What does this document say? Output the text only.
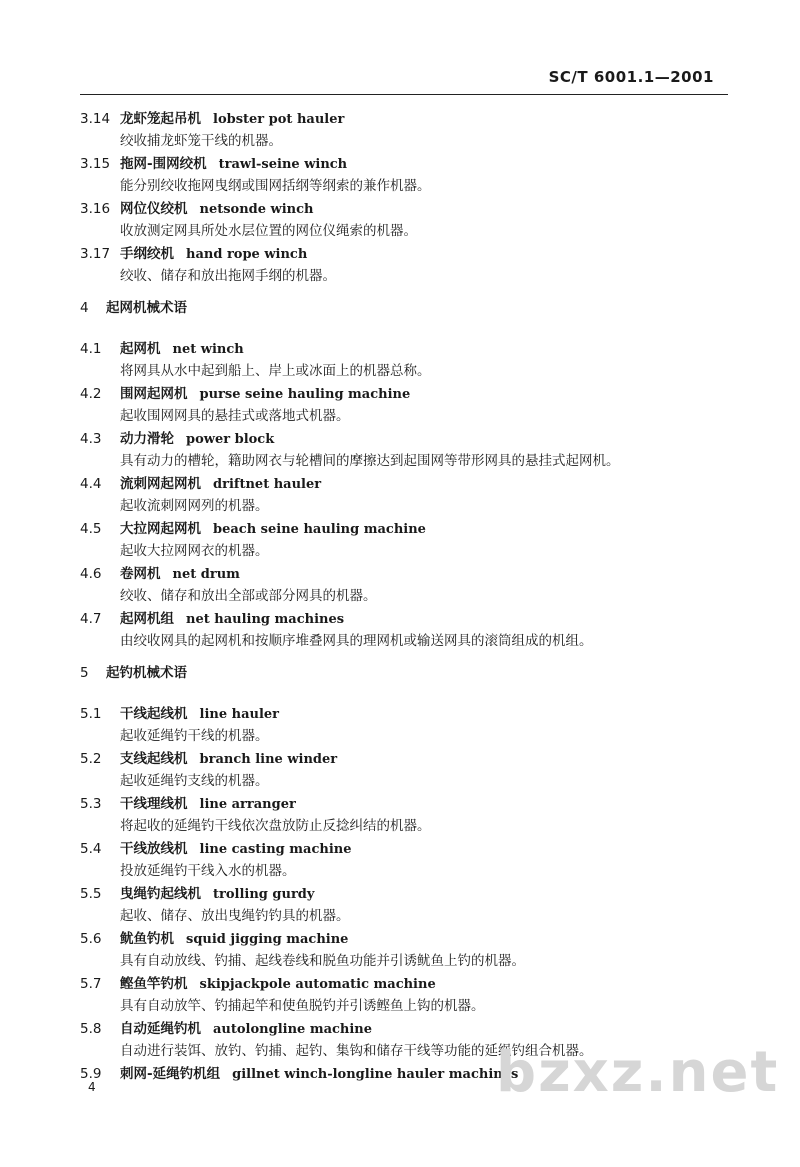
SC/T 6001.1—2001
3.14 龙虾笼起吊机 lobster pot hauler
绞收捕龙虾笼干线的机器。
3.15 拖网-围网绞机 trawl-seine winch
能分别绞收拖网曳纲或围网括纲等纲索的兼作机器。
3.16 网位仪绞机 netsonde winch
收放测定网具所处水层位置的网位仪绳索的机器。
3.17 手纲绞机 hand rope winch
绞收、储存和放出拖网手纲的机器。
4 起网机械术语
4.1 起网机 net winch
将网具从水中起到船上、岸上或冰面上的机器总称。
4.2 围网起网机 purse seine hauling machine
起收围网网具的悬挂式或落地式机器。
4.3 动力滑轮 power block
具有动力的槽轮，籍助网衣与轮槽间的摩擦达到起围网等带形网具的悬挂式起网机。
4.4 流刺网起网机 driftnet hauler
起收流刺网网列的机器。
4.5 大拉网起网机 beach seine hauling machine
起收大拉网网衣的机器。
4.6 卷网机 net drum
绞收、储存和放出全部或部分网具的机器。
4.7 起网机组 net hauling machines
由绞收网具的起网机和按顺序堆叠网具的理网机或输送网具的滚筒组成的机组。
5 起钓机械术语
5.1 干线起线机 line hauler
起收延绳钓干线的机器。
5.2 支线起线机 branch line winder
起收延绳钓支线的机器。
5.3 干线理线机 line arranger
将起收的延绳钓干线依次盘放防止反捻纠结的机器。
5.4 干线放线机 line casting machine
投放延绳钓干线入水的机器。
5.5 曳绳钓起线机 trolling gurdy
起收、储存、放出曳绳钓钓具的机器。
5.6 鱿鱼钓机 squid jigging machine
具有自动放线、钓捕、起线卷线和脱鱼功能并引诱鱿鱼上钓的机器。
5.7 鲣鱼竿钓机 skipjackpole automatic machine
具有自动放竿、钓捕起竿和使鱼脱钓并引诱鲣鱼上钩的机器。
5.8 自动延绳钓机 autolongline machine
自动进行装饵、放钓、钓捕、起钓、集钩和储存干线等功能的延绳钓组合机器。
5.9 刺网-延绳钓机组 gillnet winch-longline hauler machines
4	bzxz.net
